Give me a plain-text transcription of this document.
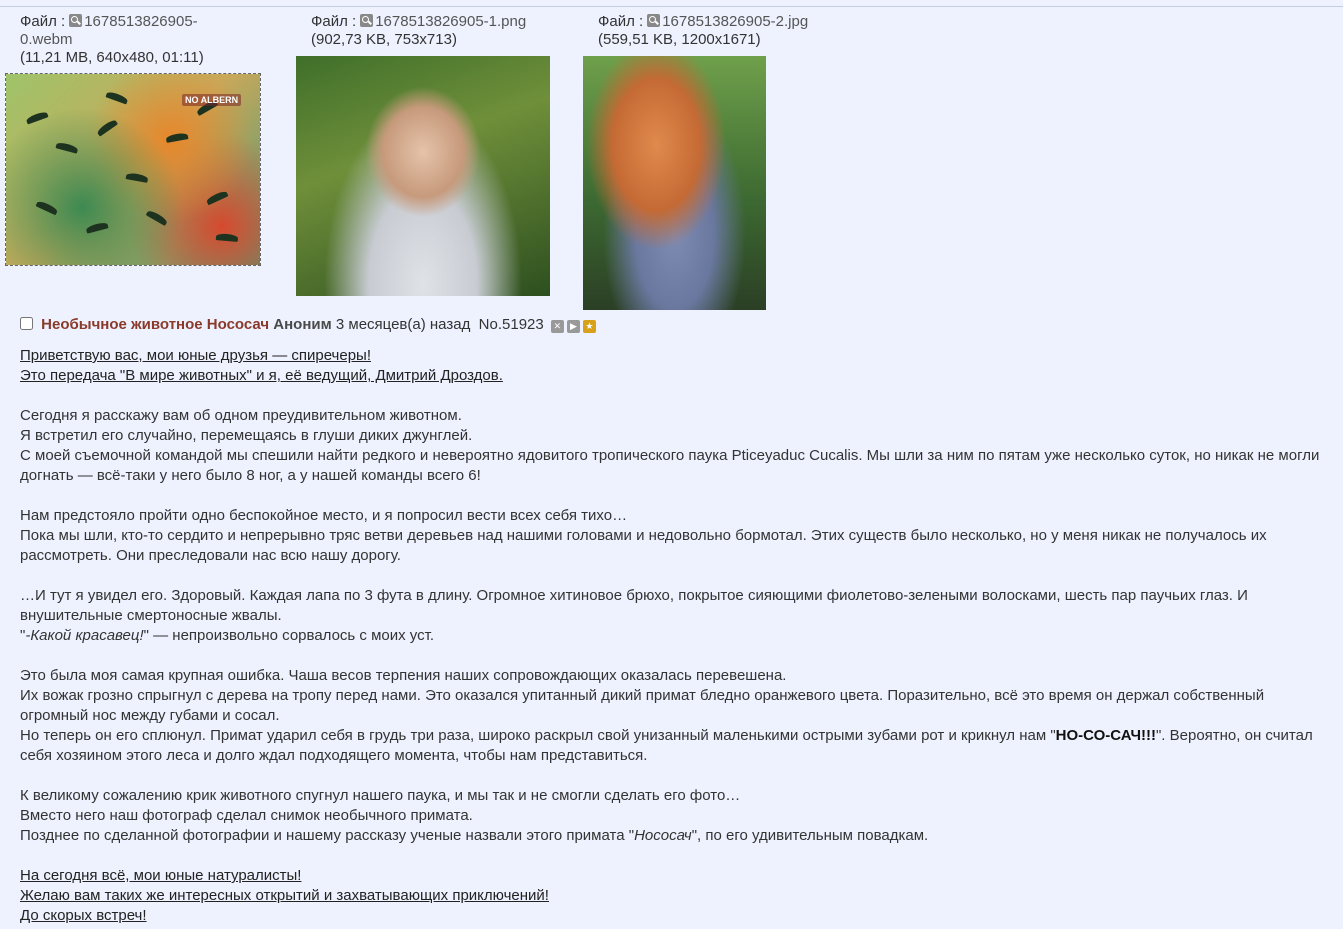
Файл : 1678513826905-
0.webm
(11,21 MB, 640x480, 01:11)
Файл : 1678513826905-1.png
(902,73 KB, 753x713)
Файл : 1678513826905-2.jpg
(559,51 KB, 1200x1671)
NO ALBERN
Необычное животное Нососач Аноним 3 месяцев(а) назад No.51923 ✕ ▶ ★

Приветствую вас, мои юные друзья — спиречеры!

Это передача "В мире животных" и я, её ведущий, Дмитрий Дроздов.

Сегодня я расскажу вам об одном преудивительном животном.

Я встретил его случайно, перемещаясь в глуши диких джунглей.

С моей съемочной командой мы спешили найти редкого и невероятно ядовитого тропического паука Pticeyaduc Cucalis. Мы шли за ним по пятам уже несколько суток, но никак не могли догнать — всё-таки у него было 8 ног, а у нашей команды всего 6!

Нам предстояло пройти одно беспокойное место, и я попросил вести всех себя тихо…

Пока мы шли, кто-то сердито и непрерывно тряс ветви деревьев над нашими головами и недовольно бормотал. Этих существ было несколько, но у меня никак не получалось их рассмотреть. Они преследовали нас всю нашу дорогу.

…И тут я увидел его. Здоровый. Каждая лапа по 3 фута в длину. Огромное хитиновое брюхо, покрытое сияющими фиолетово-зелеными волосками, шесть пар паучьих глаз. И внушительные смертоносные жвалы.

"-Какой красавец!" — непроизвольно сорвалось с моих уст.

Это была моя самая крупная ошибка. Чаша весов терпения наших сопровождающих оказалась перевешена.

Их вожак грозно спрыгнул с дерева на тропу перед нами. Это оказался упитанный дикий примат бледно оранжевого цвета. Поразительно, всё это время он держал собственный огромный нос между губами и сосал.

Но теперь он его сплюнул. Примат ударил себя в грудь три раза, широко раскрыл свой унизанный маленькими острыми зубами рот и крикнул нам "НО-СО-САЧ!!!". Вероятно, он считал себя хозяином этого леса и долго ждал подходящего момента, чтобы нам представиться.

К великому сожалению крик животного спугнул нашего паука, и мы так и не смогли сделать его фото…

Вместо него наш фотограф сделал снимок необычного примата.

Позднее по сделанной фотографии и нашему рассказу ученые назвали этого примата "Нососач", по его удивительным повадкам.

На сегодня всё, мои юные натуралисты!

Желаю вам таких же интересных открытий и захватывающих приключений!

До скорых встреч!
